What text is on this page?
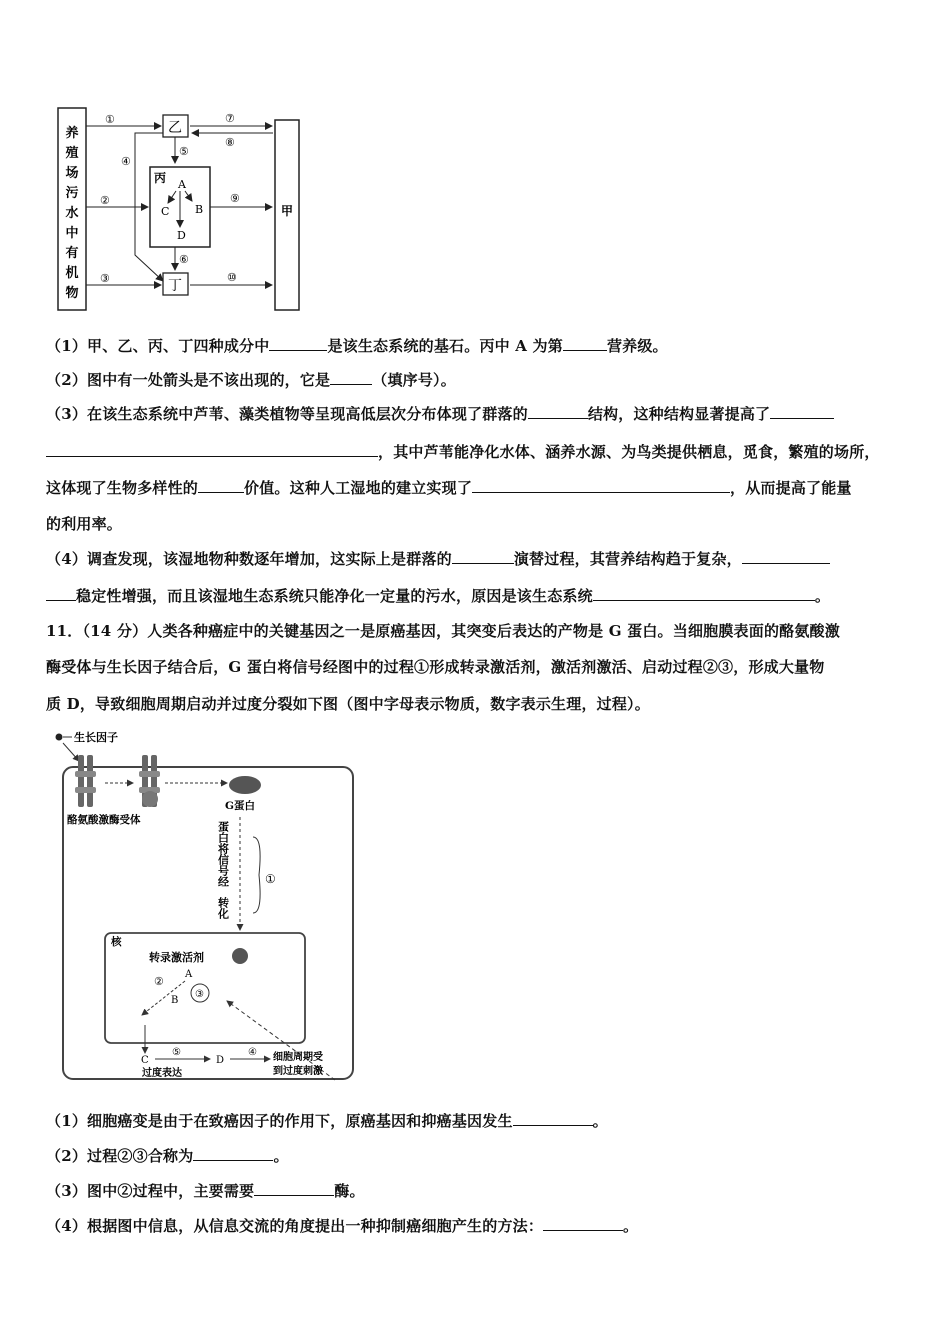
养
殖
场
污
水
中
有
机
物
乙
丙 A
C B
D
丁
甲
①
②
③
④
⑤
⑥
⑦
⑧
⑨
⑩
（1）甲、乙、丙、丁四种成分中	是该生态系统的基石。丙中 A 为第	营养级。
（2）图中有一处箭头是不该出现的，它是	（填序号）。
（3）在该生态系统中芦苇、藻类植物等呈现高低层次分布体现了群落的	结构，这种结构显著提高了
，其中芦苇能净化水体、涵养水源、为鸟类提供栖息，觅食，繁殖的场所，
这体现了生物多样性的	价值。这种人工湿地的建立实现了	，从而提高了能量
的利用率。
（4）调查发现，该湿地物种数逐年增加，这实际上是群落的	演替过程，其营养结构趋于复杂，
稳定性增强，而且该湿地生态系统只能净化一定量的污水，原因是该生态系统	。
11．（14 分）人类各种癌症中的关键基因之一是原癌基因，其突变后表达的产物是 G 蛋白。当细胞膜表面的酪氨酸激
酶受体与生长因子结合后，G 蛋白将信号经图中的过程①形成转录激活剂，激活剂激活、启动过程②③，形成大量物
质 D，导致细胞周期启动并过度分裂如下图（图中字母表示物质，数字表示生理，过程）。
生长因子
酪氨酸激酶受体
G蛋白
蛋白将信号经
转化
①
核
转录激活剂
A
③
②
B
C
⑤
过度表达
D
④ 细胞周期受
到过度刺激
（1）细胞癌变是由于在致癌因子的作用下，原癌基因和抑癌基因发生	。
（2）过程②③合称为	。
（3）图中②过程中，主要需要	酶。
（4）根据图中信息，从信息交流的角度提出一种抑制癌细胞产生的方法：	。
